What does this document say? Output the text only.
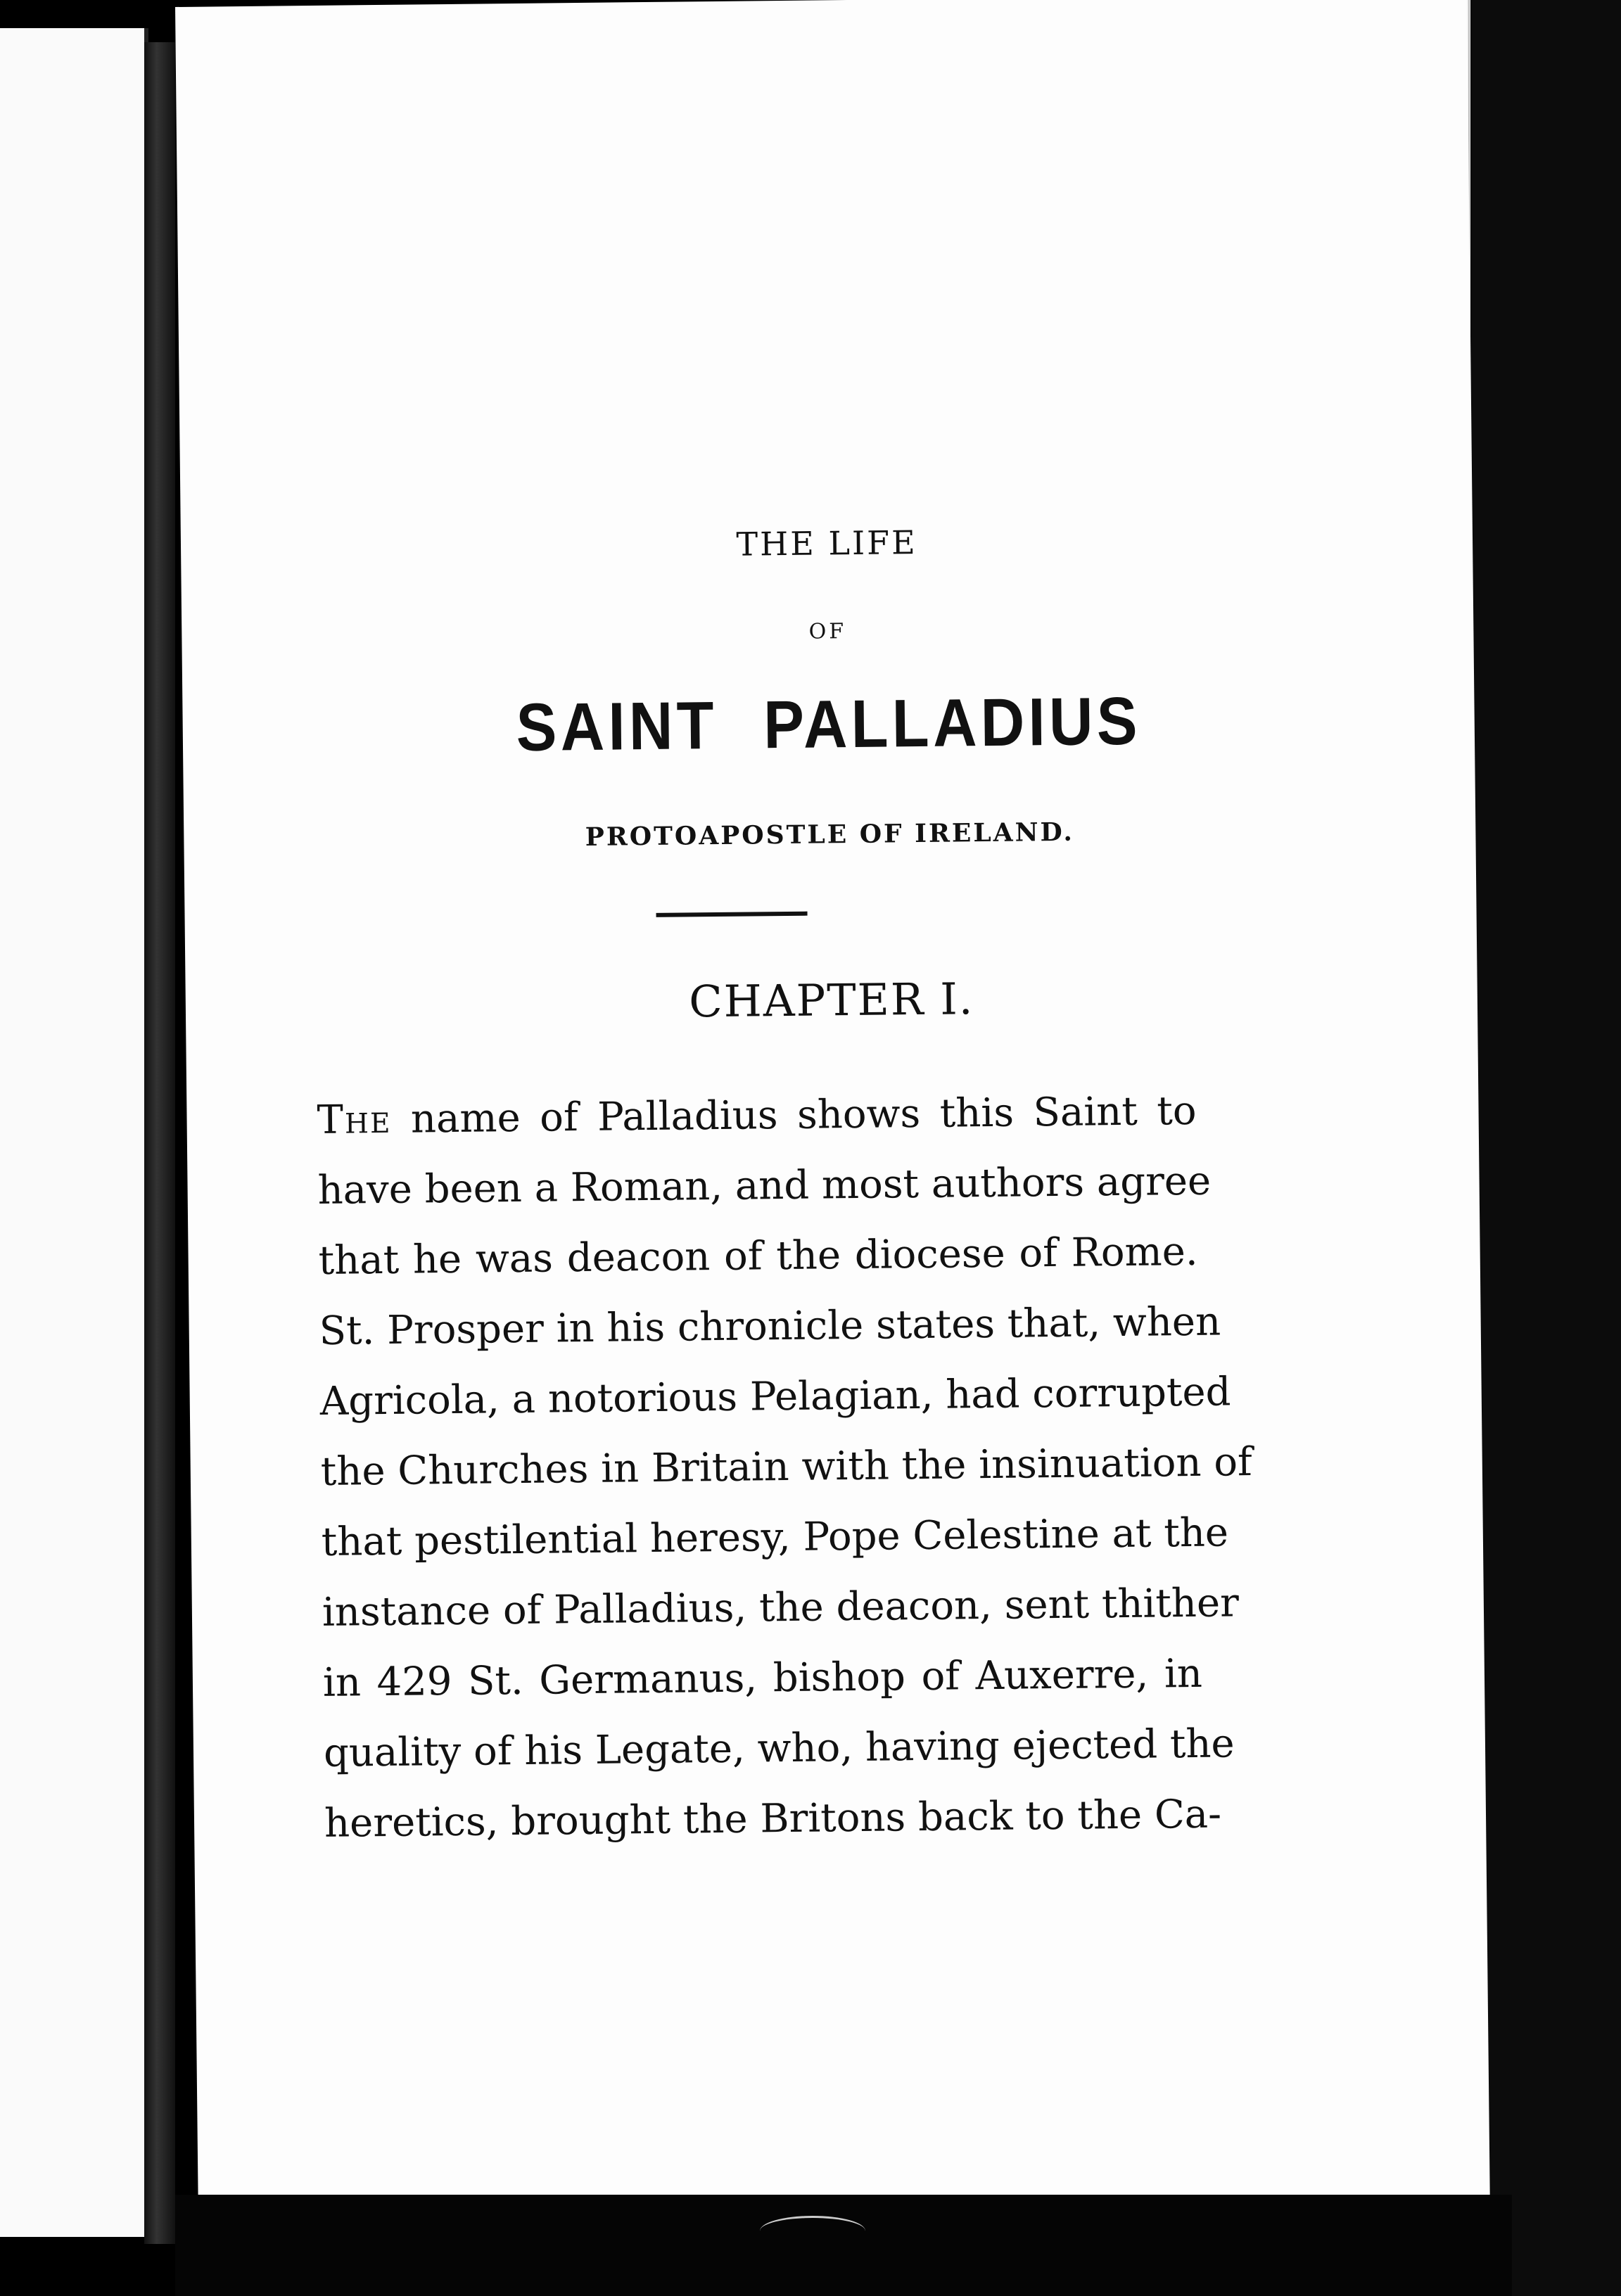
THE LIFE
OF
SAINT PALLADIUS
PROTOAPOSTLE OF IRELAND.
CHAPTER I.
The name of Palladius shows this Saint to
have been a Roman, and most authors agree
that he was deacon of the diocese of Rome.
St. Prosper in his chronicle states that, when
Agricola, a notorious Pelagian, had corrupted
the Churches in Britain with the insinuation of
that pestilential heresy, Pope Celestine at the
instance of Palladius, the deacon, sent thither
in 429 St. Germanus, bishop of Auxerre, in
quality of his Legate, who, having ejected the
heretics, brought the Britons back to the Ca-
